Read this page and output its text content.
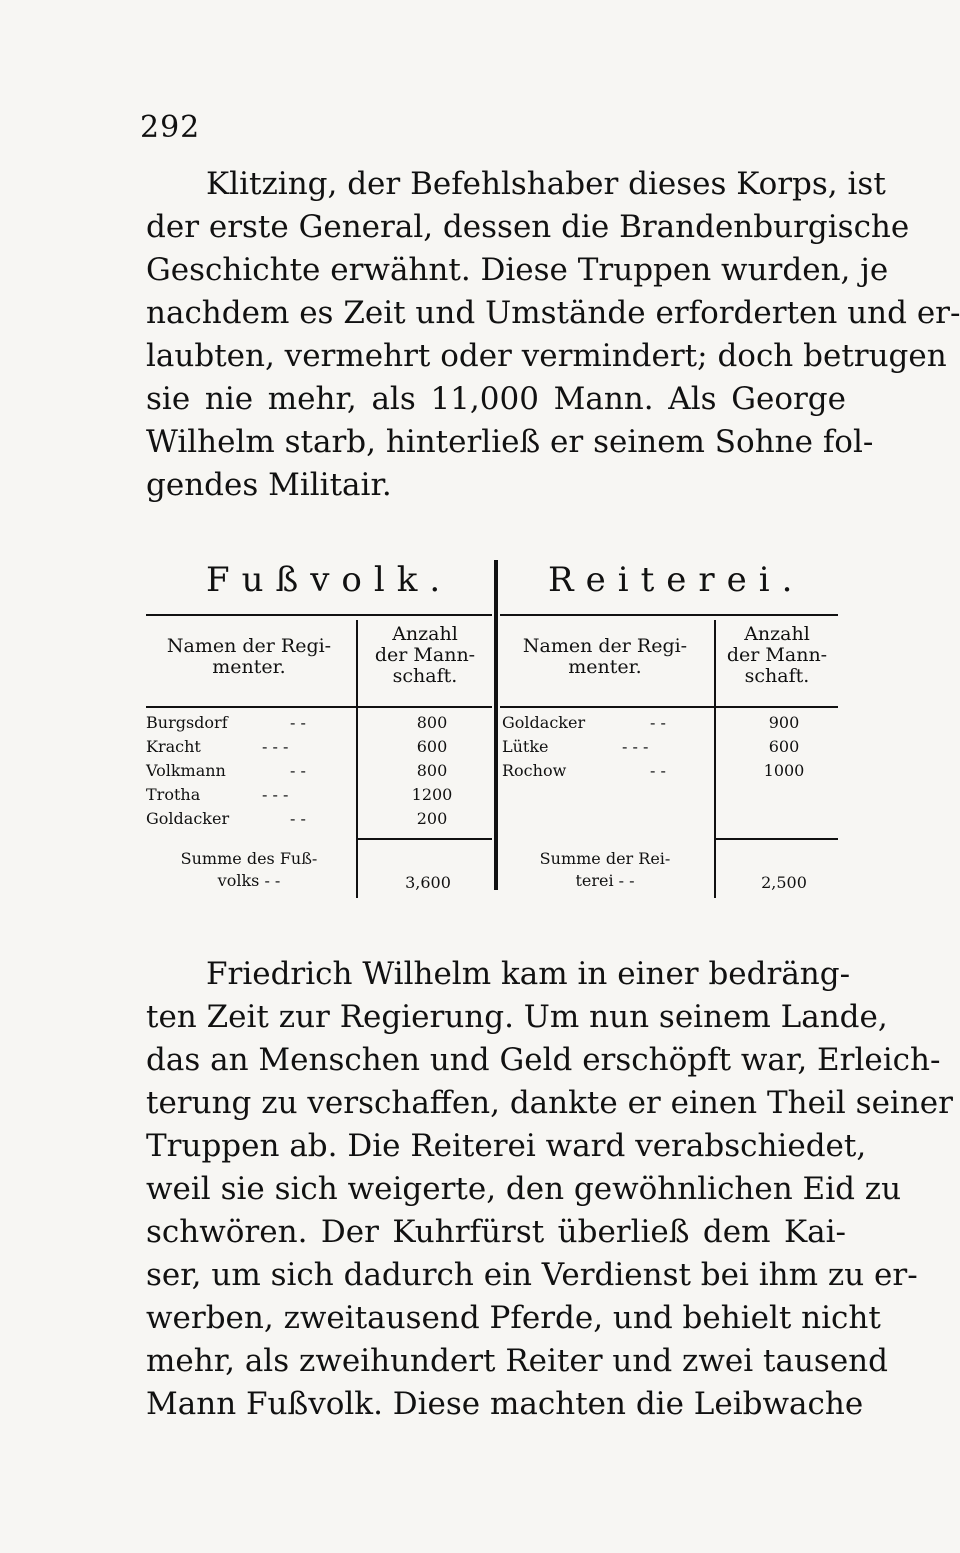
292
Klitzing, der Befehlshaber dieses Korps, ist
der erste General, dessen die Brandenburgische
Geschichte erwähnt. Diese Truppen wurden, je
nachdem es Zeit und Umstände erforderten und er-
laubten, vermehrt oder vermindert; doch betrugen
sie nie mehr, als 11,000 Mann. Als George
Wilhelm starb, hinterließ er seinem Sohne fol-
gendes Militair.
Fußvolk.	Reiterei.
Namen der Regi-
menter.
Anzahl
der Mann-
schaft.
Burgsdorf	- -	800
Kracht	- - -	600
Volkmann	- -	800
Trotha	- - -	1200
Goldacker	- -	200
Summe des Fuß-
volks - -	3,600
Namen der Regi-
menter.
Anzahl
der Mann-
schaft.
Goldacker	- -	900
Lütke	- - -	600
Rochow	- -	1000
Summe der Rei-
terei - -	2,500
Friedrich Wilhelm kam in einer bedräng-
ten Zeit zur Regierung. Um nun seinem Lande,
das an Menschen und Geld erschöpft war, Erleich-
terung zu verschaffen, dankte er einen Theil seiner
Truppen ab. Die Reiterei ward verabschiedet,
weil sie sich weigerte, den gewöhnlichen Eid zu
schwören. Der Kuhrfürst überließ dem Kai-
ser, um sich dadurch ein Verdienst bei ihm zu er-
werben, zweitausend Pferde, und behielt nicht
mehr, als zweihundert Reiter und zwei tausend
Mann Fußvolk. Diese machten die Leibwache
